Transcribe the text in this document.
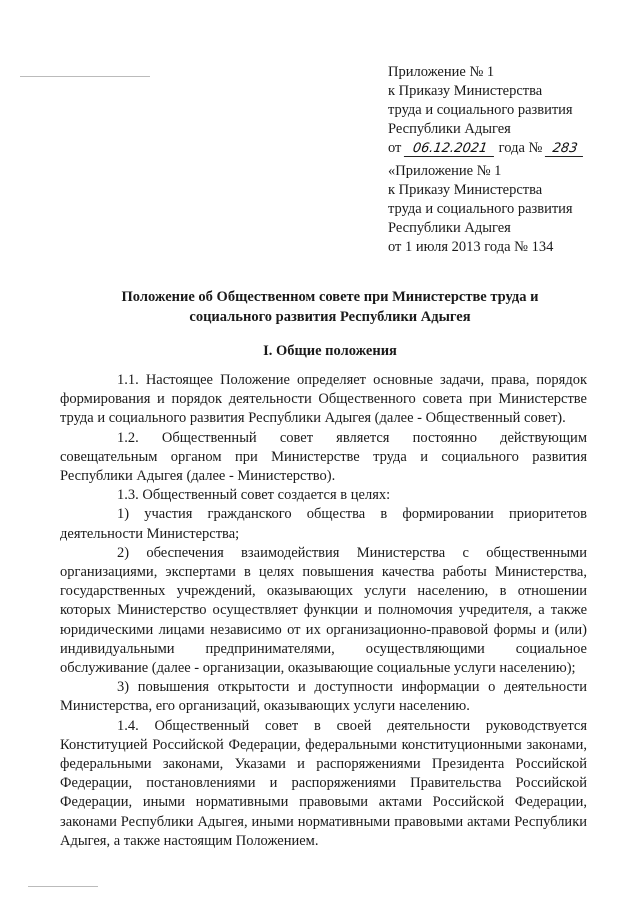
Приложение № 1
к Приказу Министерства
труда и социального развития
Республики Адыгея
от 06.12.2021 года № 283
«Приложение № 1
к Приказу Министерства
труда и социального развития
Республики Адыгея
от 1 июля 2013 года № 134
Положение об Общественном совете при Министерстве труда и
социального развития Республики Адыгея
I. Общие положения

1.1. Настоящее Положение определяет основные задачи, права, порядок формирования и порядок деятельности Общественного совета при Министерстве труда и социального развития Республики Адыгея (далее - Общественный совет).

1.2. Общественный совет является постоянно действующим совещательным органом при Министерстве труда и социального развития Республики Адыгея (далее - Министерство).

1.3. Общественный совет создается в целях:

1) участия гражданского общества в формировании приоритетов деятельности Министерства;

2) обеспечения взаимодействия Министерства с общественными организациями, экспертами в целях повышения качества работы Министерства, государственных учреждений, оказывающих услуги населению, в отношении которых Министерство осуществляет функции и полномочия учредителя, а также юридическими лицами независимо от их организационно-правовой формы и (или) индивидуальными предпринимателями, осуществляющими социальное обслуживание (далее - организации, оказывающие социальные услуги населению);

3) повышения открытости и доступности информации о деятельности Министерства, его организаций, оказывающих услуги населению.

1.4. Общественный совет в своей деятельности руководствуется Конституцией Российской Федерации, федеральными конституционными законами, федеральными законами, Указами и распоряжениями Президента Российской Федерации, постановлениями и распоряжениями Правительства Российской Федерации, иными нормативными правовыми актами Российской Федерации, законами Республики Адыгея, иными нормативными правовыми актами Республики Адыгея, а также настоящим Положением.
